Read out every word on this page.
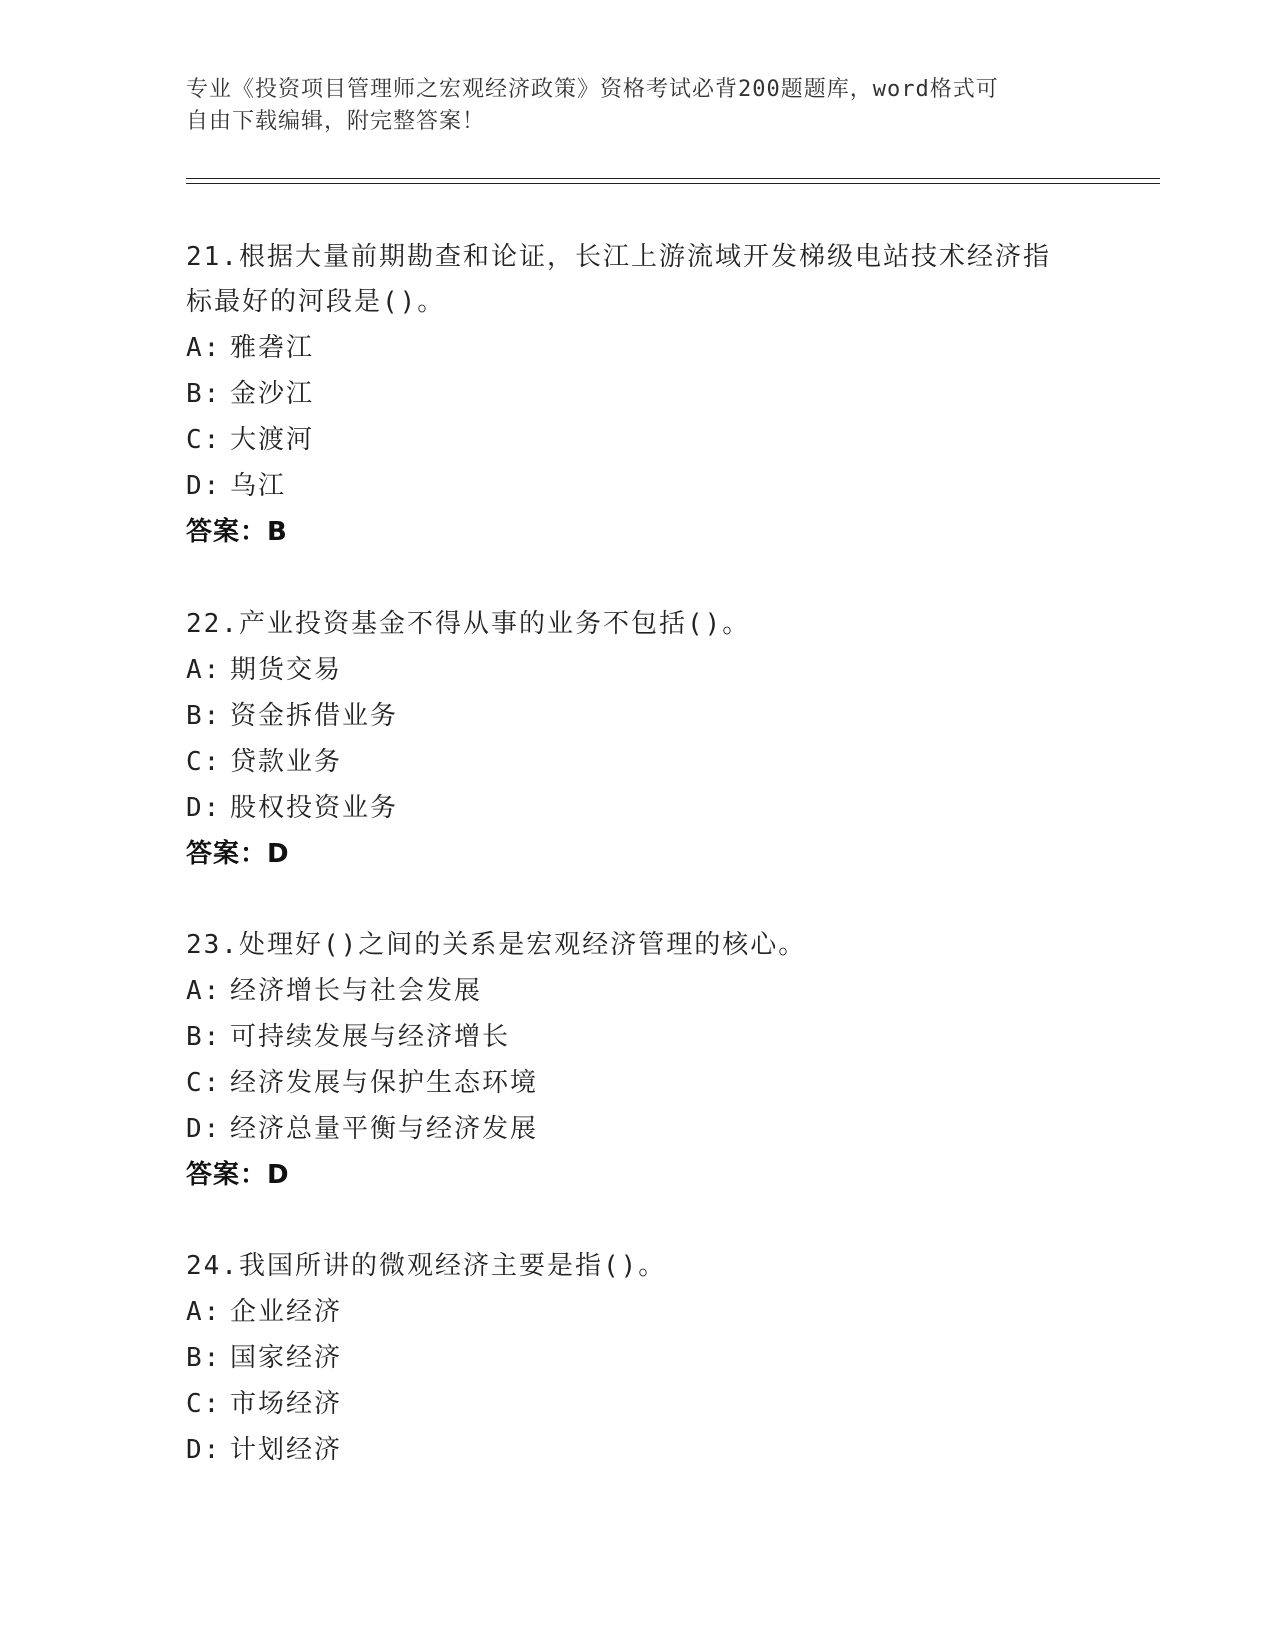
专业《投资项目管理师之宏观经济政策》资格考试必背200题题库，word格式可
自由下载编辑，附完整答案！
21.根据大量前期勘查和论证，长江上游流域开发梯级电站技术经济指
标最好的河段是()。
A: 雅砻江
B: 金沙江
C: 大渡河
D: 乌江
答案：B
22.产业投资基金不得从事的业务不包括()。
A: 期货交易
B: 资金拆借业务
C: 贷款业务
D: 股权投资业务
答案：D
23.处理好()之间的关系是宏观经济管理的核心。
A: 经济增长与社会发展
B: 可持续发展与经济增长
C: 经济发展与保护生态环境
D: 经济总量平衡与经济发展
答案：D
24.我国所讲的微观经济主要是指()。
A: 企业经济
B: 国家经济
C: 市场经济
D: 计划经济
